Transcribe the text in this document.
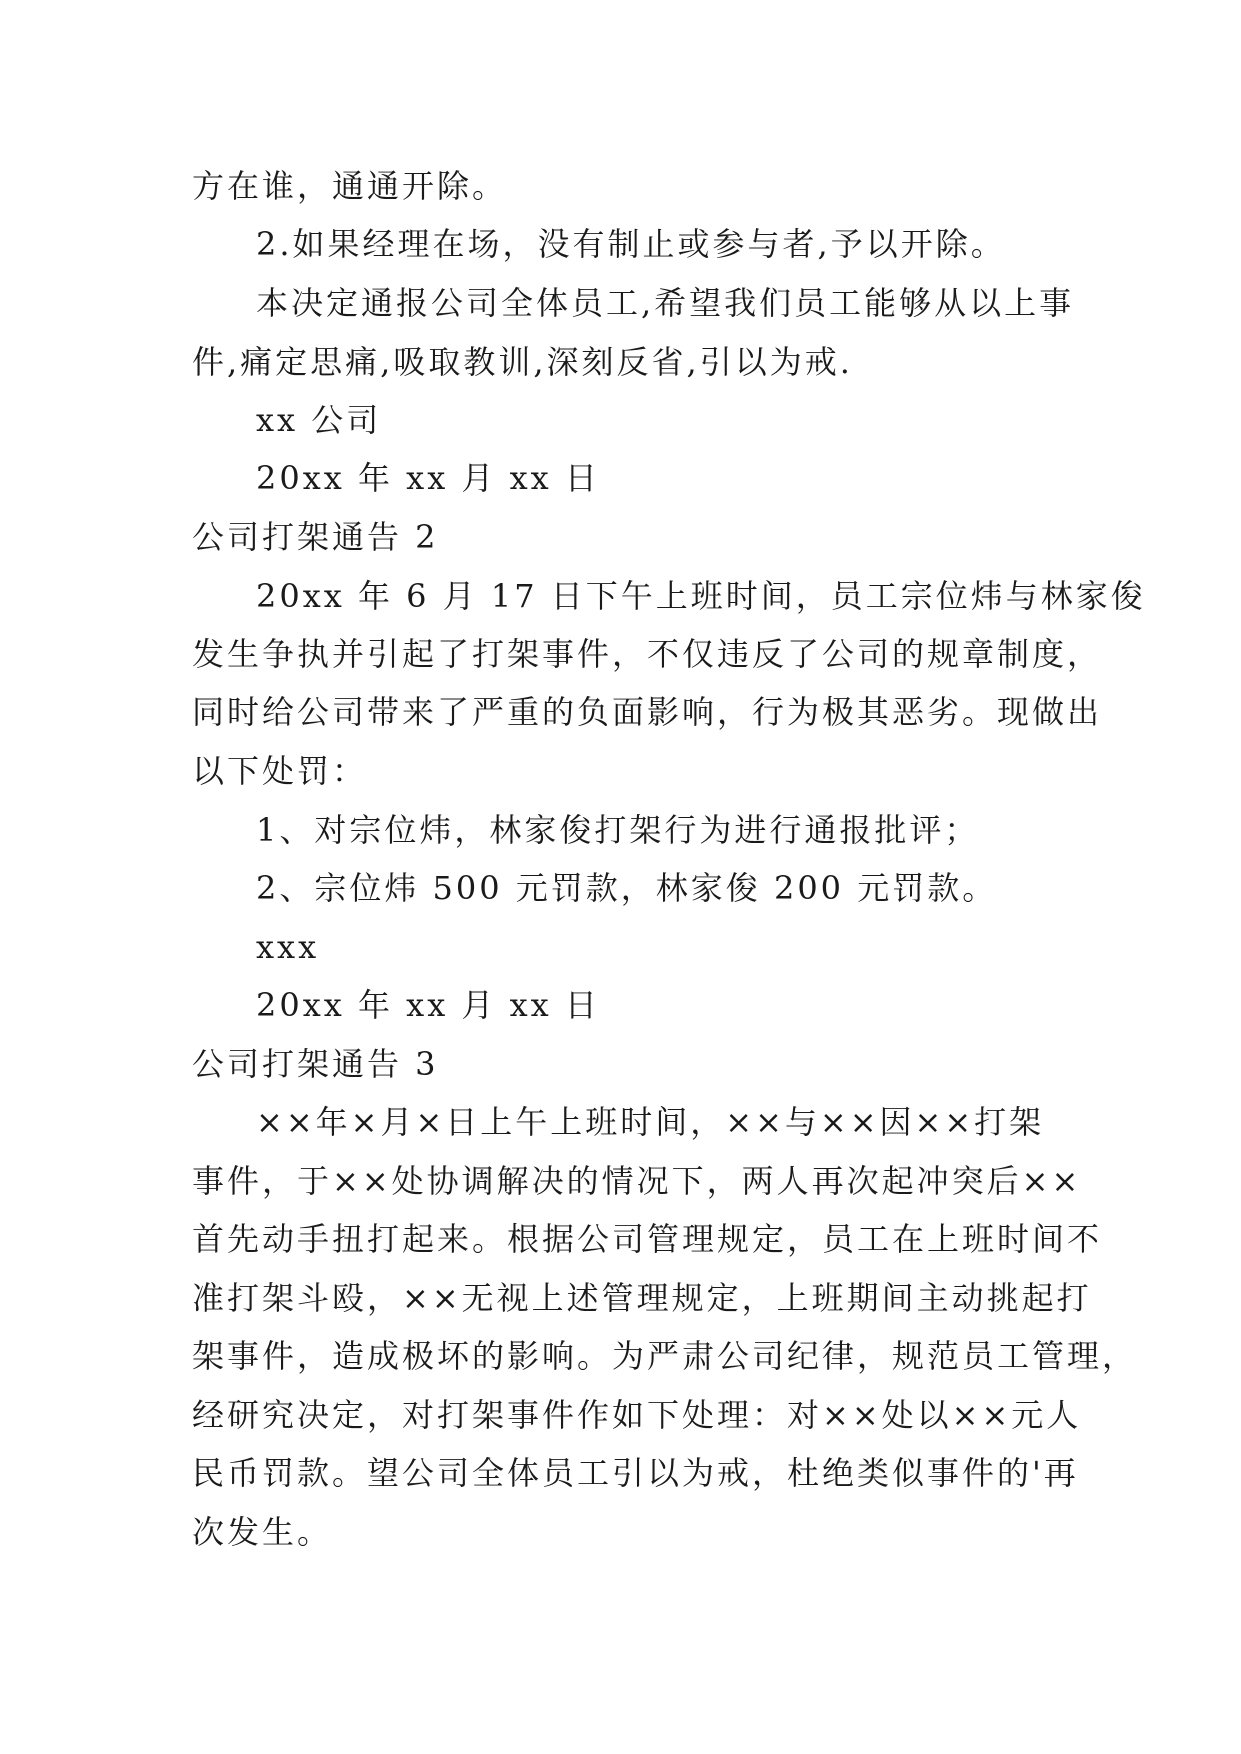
方在谁，通通开除。
2.如果经理在场，没有制止或参与者,予以开除。
本决定通报公司全体员工,希望我们员工能够从以上事
件,痛定思痛,吸取教训,深刻反省,引以为戒.
xx 公司
20xx 年 xx 月 xx 日
公司打架通告 2
20xx 年 6 月 17 日下午上班时间，员工宗位炜与林家俊
发生争执并引起了打架事件，不仅违反了公司的规章制度，
同时给公司带来了严重的负面影响，行为极其恶劣。现做出
以下处罚：
1、对宗位炜，林家俊打架行为进行通报批评；
2、宗位炜 500 元罚款，林家俊 200 元罚款。
xxx
20xx 年 xx 月 xx 日
公司打架通告 3
××年×月×日上午上班时间，××与××因××打架
事件，于××处协调解决的情况下，两人再次起冲突后××
首先动手扭打起来。根据公司管理规定，员工在上班时间不
准打架斗殴，××无视上述管理规定，上班期间主动挑起打
架事件，造成极坏的影响。为严肃公司纪律，规范员工管理，
经研究决定，对打架事件作如下处理：对××处以××元人
民币罚款。望公司全体员工引以为戒，杜绝类似事件的'再
次发生。
